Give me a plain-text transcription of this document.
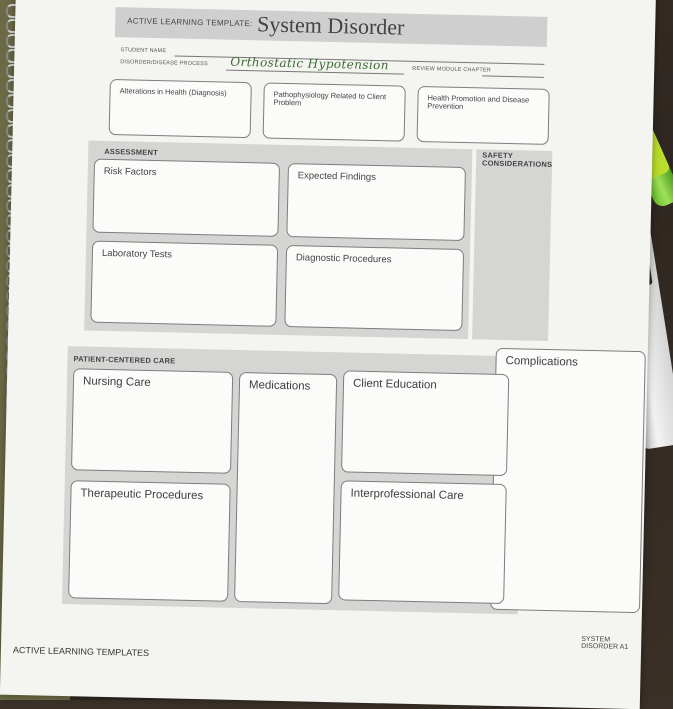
ACTIVE LEARNING TEMPLATE: System Disorder
STUDENT NAME
DISORDER/DISEASE PROCESS Orthostatic Hypotension	REVIEW MODULE CHAPTER
Alterations in Health (Diagnosis)	Pathophysiology Related to Client Problem	Health Promotion and Disease Prevention
ASSESSMENT	SAFETY CONSIDERATIONS
Risk Factors	Expected Findings
Laboratory Tests	Diagnostic Procedures
PATIENT-CENTERED CARE	Complications
Nursing Care	Medications	Client Education
Therapeutic Procedures	Interprofessional Care
ACTIVE LEARNING TEMPLATES
SYSTEM DISORDER A1
